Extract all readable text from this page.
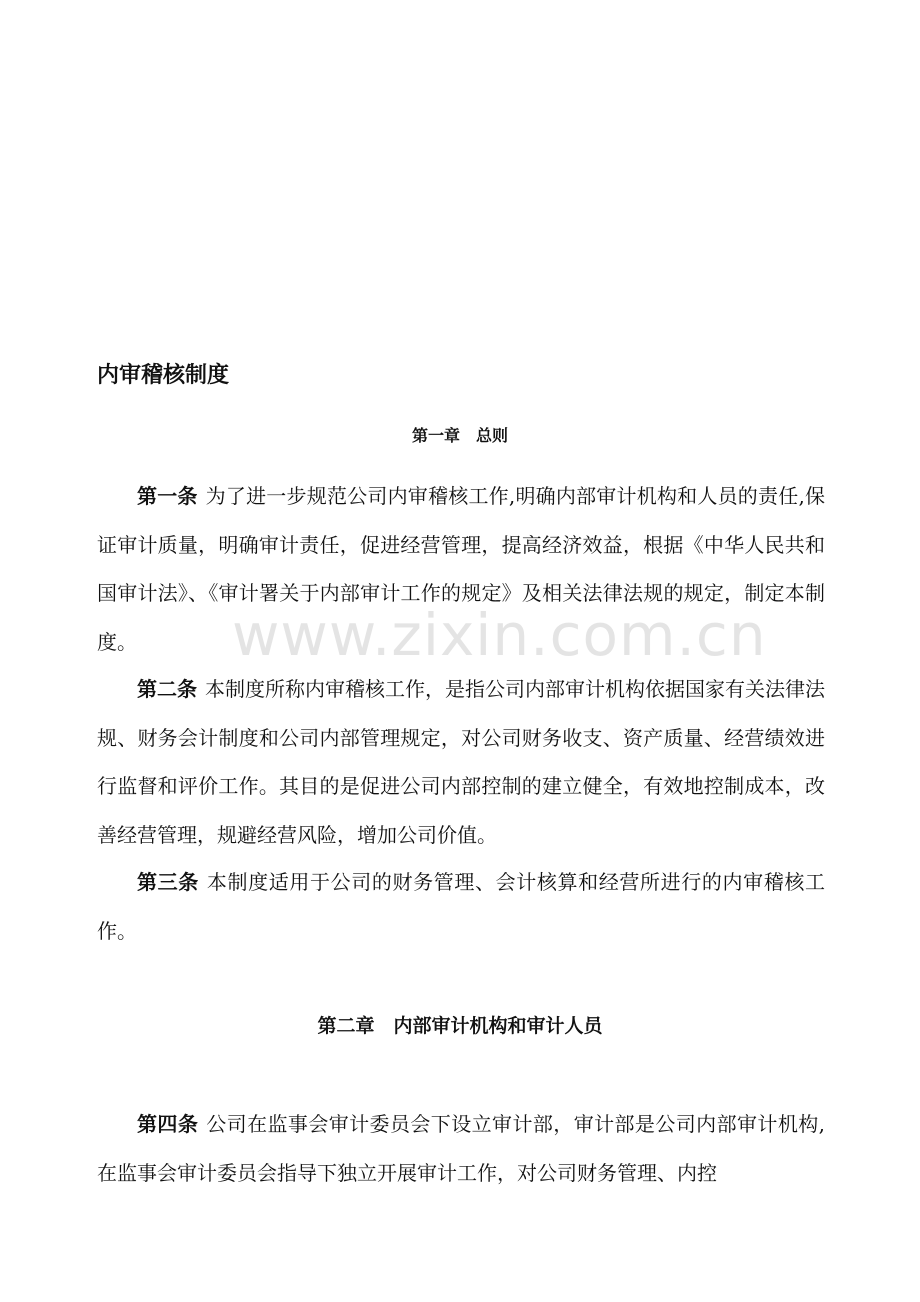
www.zixin.com.cn
内审稽核制度
第一章　总则

第一条 为了进一步规范公司内审稽核工作,明确内部审计机构和人员的责任,保证审计质量，明确审计责任，促进经营管理，提高经济效益，根据《中华人民共和国审计法》、《审计署关于内部审计工作的规定》及相关法律法规的规定，制定本制度。

第二条 本制度所称内审稽核工作，是指公司内部审计机构依据国家有关法律法规、财务会计制度和公司内部管理规定，对公司财务收支、资产质量、经营绩效进行监督和评价工作。其目的是促进公司内部控制的建立健全，有效地控制成本，改善经营管理，规避经营风险，增加公司价值。

第三条 本制度适用于公司的财务管理、会计核算和经营所进行的内审稽核工作。

第二章　内部审计机构和审计人员

第四条 公司在监事会审计委员会下设立审计部，审计部是公司内部审计机构,在监事会审计委员会指导下独立开展审计工作，对公司财务管理、内控
